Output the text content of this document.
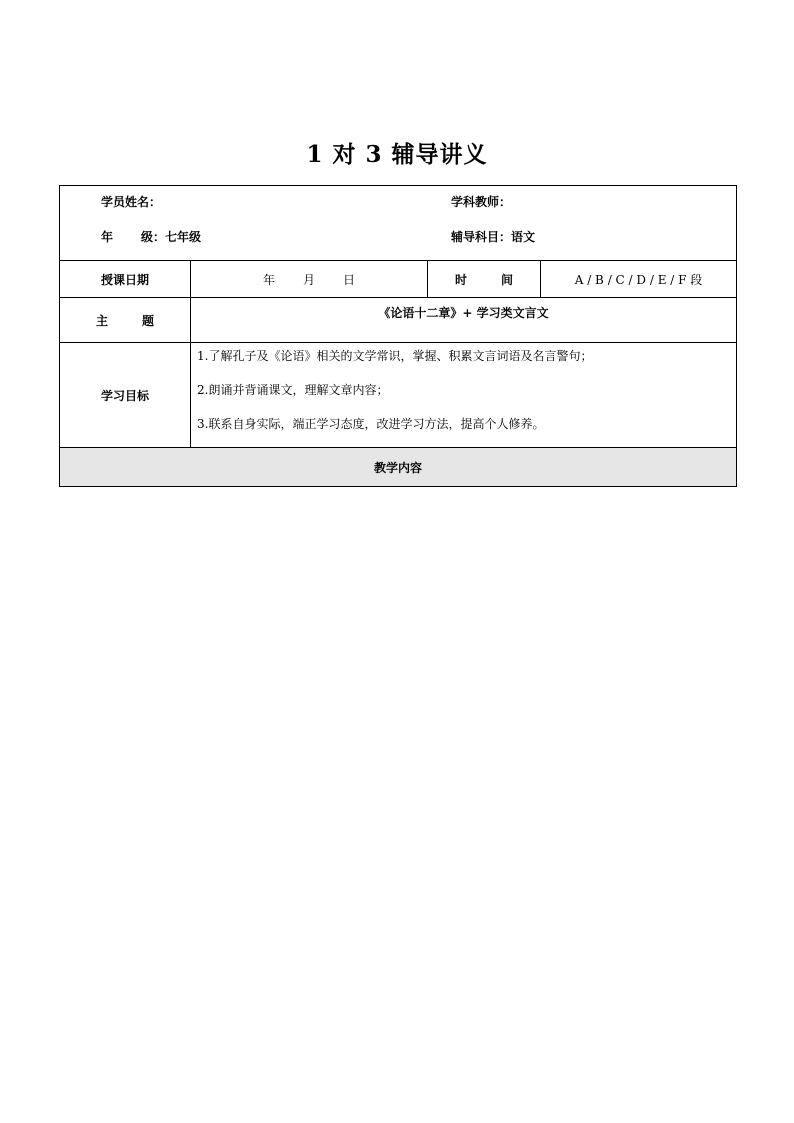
1 对 3 辅导讲义
学员姓名： 学科教师：
年 级：七年级 辅导科目：语文			

授课日期	年 月 日	时 间	A / B / C / D / E / F 段
主 题	《论语十二章》+ 学习类文言文		
学习目标	1.了解孔子及《论语》相关的文学常识，掌握、积累文言词语及名言警句；
2.朗诵并背诵课文，理解文章内容；
3.联系自身实际，端正学习态度，改进学习方法，提高个人修养。		

教学内容			
